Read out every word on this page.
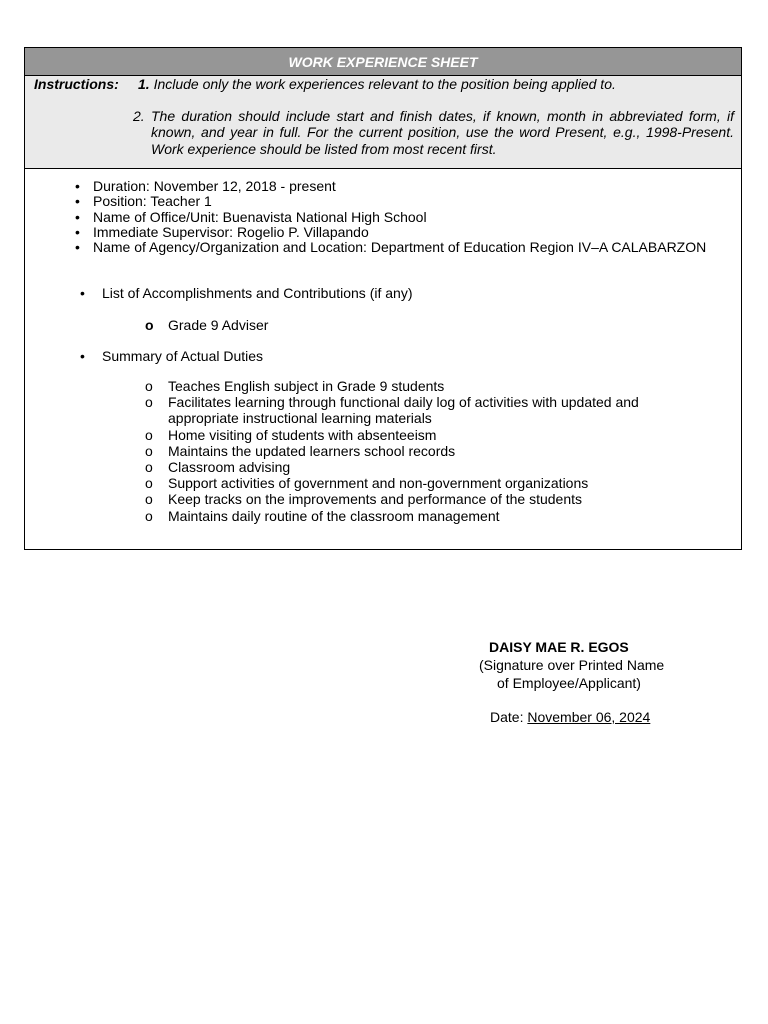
WORK EXPERIENCE SHEET
Instructions: 1. Include only the work experiences relevant to the position being applied to.
2. The duration should include start and finish dates, if known, month in abbreviated form, if known, and year in full. For the current position, use the word Present, e.g., 1998-Present. Work experience should be listed from most recent first.
• Duration: November 12, 2018 - present
• Position: Teacher 1
• Name of Office/Unit: Buenavista National High School
• Immediate Supervisor: Rogelio P. Villapando
• Name of Agency/Organization and Location: Department of Education Region IV–A CALABARZON
• List of Accomplishments and Contributions (if any)
o Grade 9 Adviser
• Summary of Actual Duties
o Teaches English subject in Grade 9 students
o Facilitates learning through functional daily log of activities with updated and appropriate instructional learning materials
o Home visiting of students with absenteeism
o Maintains the updated learners school records
o Classroom advising
o Support activities of government and non-government organizations
o Keep tracks on the improvements and performance of the students
o Maintains daily routine of the classroom management
DAISY MAE R. EGOS
(Signature over Printed Name
of Employee/Applicant)
Date: November 06, 2024
